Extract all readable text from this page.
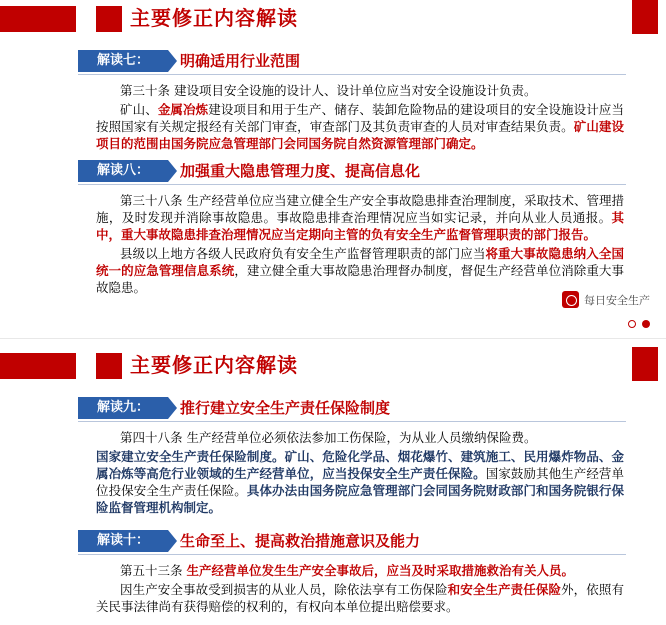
主要修正内容解读
解读七：	明确适用行业范围

第三十条 建设项目安全设施的设计人、设计单位应当对安全设施设计负责。

矿山、金属冶炼建设项目和用于生产、储存、装卸危险物品的建设项目的安全设施设计应当按照国家有关规定报经有关部门审查，审查部门及其负责审查的人员对审查结果负责。矿山建设项目的范围由国务院应急管理部门会同国务院自然资源管理部门确定。

解读八：	加强重大隐患管理力度、提高信息化

第三十八条 生产经营单位应当建立健全生产安全事故隐患排查治理制度，采取技术、管理措施，及时发现并消除事故隐患。事故隐患排查治理情况应当如实记录，并向从业人员通报。其中，重大事故隐患排查治理情况应当定期向主管的负有安全生产监督管理职责的部门报告。

县级以上地方各级人民政府负有安全生产监督管理职责的部门应当将重大事故隐患纳入全国统一的应急管理信息系统，建立健全重大事故隐患治理督办制度，督促生产经营单位消除重大事故隐患。

每日安全生产
主要修正内容解读
解读九：	推行建立安全生产责任保险制度

第四十八条 生产经营单位必须依法参加工伤保险，为从业人员缴纳保险费。

国家建立安全生产责任保险制度。矿山、危险化学品、烟花爆竹、建筑施工、民用爆炸物品、金属冶炼等高危行业领域的生产经营单位，应当投保安全生产责任保险。国家鼓励其他生产经营单位投保安全生产责任保险。具体办法由国务院应急管理部门会同国务院财政部门和国务院银行保险监督管理机构制定。

解读十：	生命至上、提高救治措施意识及能力

第五十三条 生产经营单位发生生产安全事故后，应当及时采取措施救治有关人员。

因生产安全事故受到损害的从业人员，除依法享有工伤保险和安全生产责任保险外，依照有关民事法律尚有获得赔偿的权利的，有权向本单位提出赔偿要求。
